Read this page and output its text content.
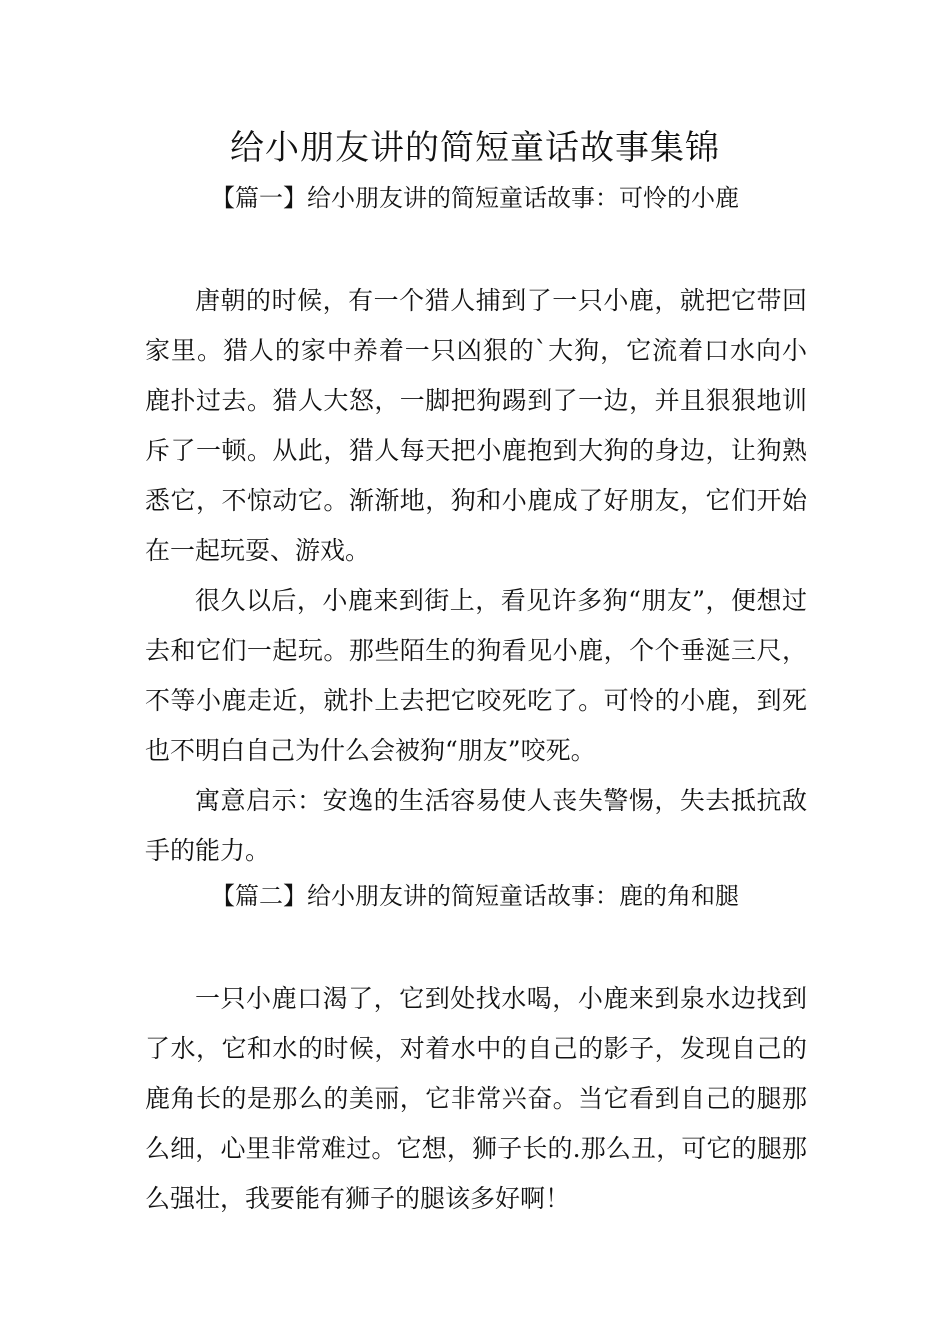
给小朋友讲的简短童话故事集锦
【篇一】给小朋友讲的简短童话故事：可怜的小鹿

唐朝的时候，有一个猎人捕到了一只小鹿，就把它带回家里。猎人的家中养着一只凶狠的`大狗，它流着口水向小鹿扑过去。猎人大怒，一脚把狗踢到了一边，并且狠狠地训斥了一顿。从此，猎人每天把小鹿抱到大狗的身边，让狗熟悉它，不惊动它。渐渐地，狗和小鹿成了好朋友，它们开始在一起玩耍、游戏。

很久以后，小鹿来到街上，看见许多狗“朋友”，便想过去和它们一起玩。那些陌生的狗看见小鹿，个个垂涎三尺，不等小鹿走近，就扑上去把它咬死吃了。可怜的小鹿，到死也不明白自己为什么会被狗“朋友”咬死。

寓意启示：安逸的生活容易使人丧失警惕，失去抵抗敌手的能力。

【篇二】给小朋友讲的简短童话故事：鹿的角和腿

一只小鹿口渴了，它到处找水喝，小鹿来到泉水边找到了水，它和水的时候，对着水中的自己的影子，发现自己的鹿角长的是那么的美丽，它非常兴奋。当它看到自己的腿那么细，心里非常难过。它想，狮子长的.那么丑，可它的腿那么强壮，我要能有狮子的腿该多好啊！
